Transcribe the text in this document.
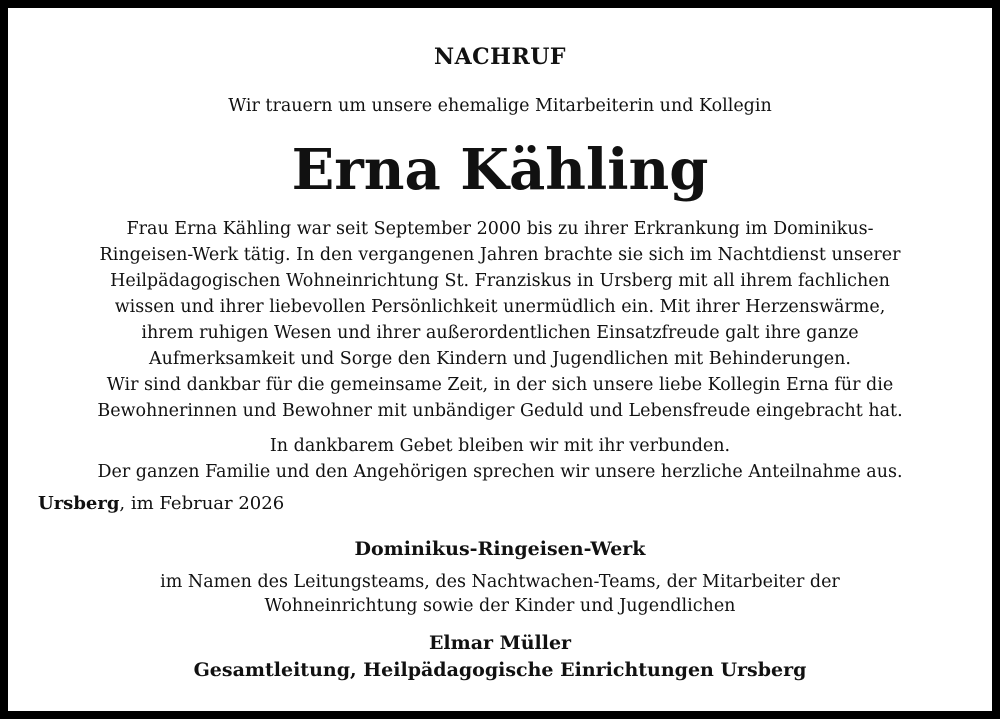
NACHRUF
Wir trauern um unsere ehemalige Mitarbeiterin und Kollegin
Erna Kähling
Frau Erna Kähling war seit September 2000 bis zu ihrer Erkrankung im Dominikus-
Ringeisen-Werk tätig. In den vergangenen Jahren brachte sie sich im Nachtdienst unserer
Heilpädagogischen Wohneinrichtung St. Franziskus in Ursberg mit all ihrem fachlichen
wissen und ihrer liebevollen Persönlichkeit unermüdlich ein. Mit ihrer Herzenswärme,
ihrem ruhigen Wesen und ihrer außerordentlichen Einsatzfreude galt ihre ganze
Aufmerksamkeit und Sorge den Kindern und Jugendlichen mit Behinderungen.
Wir sind dankbar für die gemeinsame Zeit, in der sich unsere liebe Kollegin Erna für die
Bewohnerinnen und Bewohner mit unbändiger Geduld und Lebensfreude eingebracht hat.
In dankbarem Gebet bleiben wir mit ihr verbunden.
Der ganzen Familie und den Angehörigen sprechen wir unsere herzliche Anteilnahme aus.
Ursberg, im Februar 2026
Dominikus-Ringeisen-Werk
im Namen des Leitungsteams, des Nachtwachen-Teams, der Mitarbeiter der
Wohneinrichtung sowie der Kinder und Jugendlichen
Elmar Müller
Gesamtleitung, Heilpädagogische Einrichtungen Ursberg
